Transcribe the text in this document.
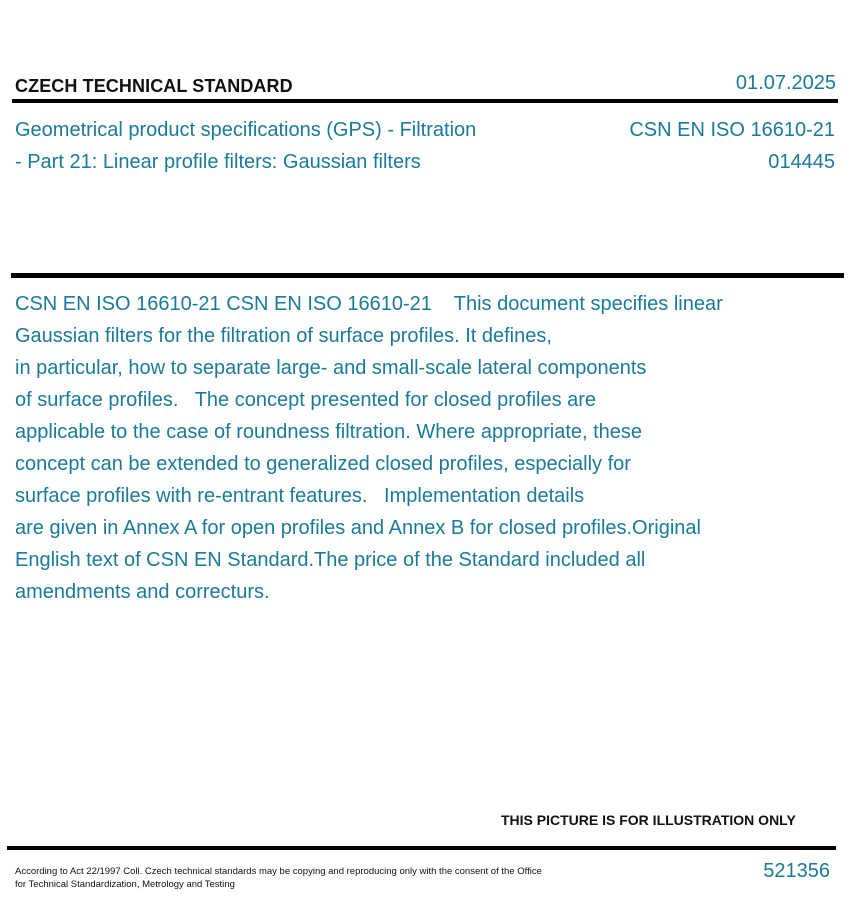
CZECH TECHNICAL STANDARD	01.07.2025
Geometrical product specifications (GPS) - Filtration
- Part 21: Linear profile filters: Gaussian filters
CSN EN ISO 16610-21
014445
CSN EN ISO 16610-21 CSN EN ISO 16610-21    This document specifies linear
Gaussian filters for the filtration of surface profiles. It defines,
in particular, how to separate large- and small-scale lateral components
of surface profiles.   The concept presented for closed profiles are
applicable to the case of roundness filtration. Where appropriate, these
concept can be extended to generalized closed profiles, especially for
surface profiles with re-entrant features.   Implementation details
are given in Annex A for open profiles and Annex B for closed profiles.Original
English text of CSN EN Standard.The price of the Standard included all
amendments and correcturs.
THIS PICTURE IS FOR ILLUSTRATION ONLY
According to Act 22/1997 Coll. Czech technical standards may be copying and reproducing only with the consent of the Office
for Technical Standardization, Metrology and Testing
521356
